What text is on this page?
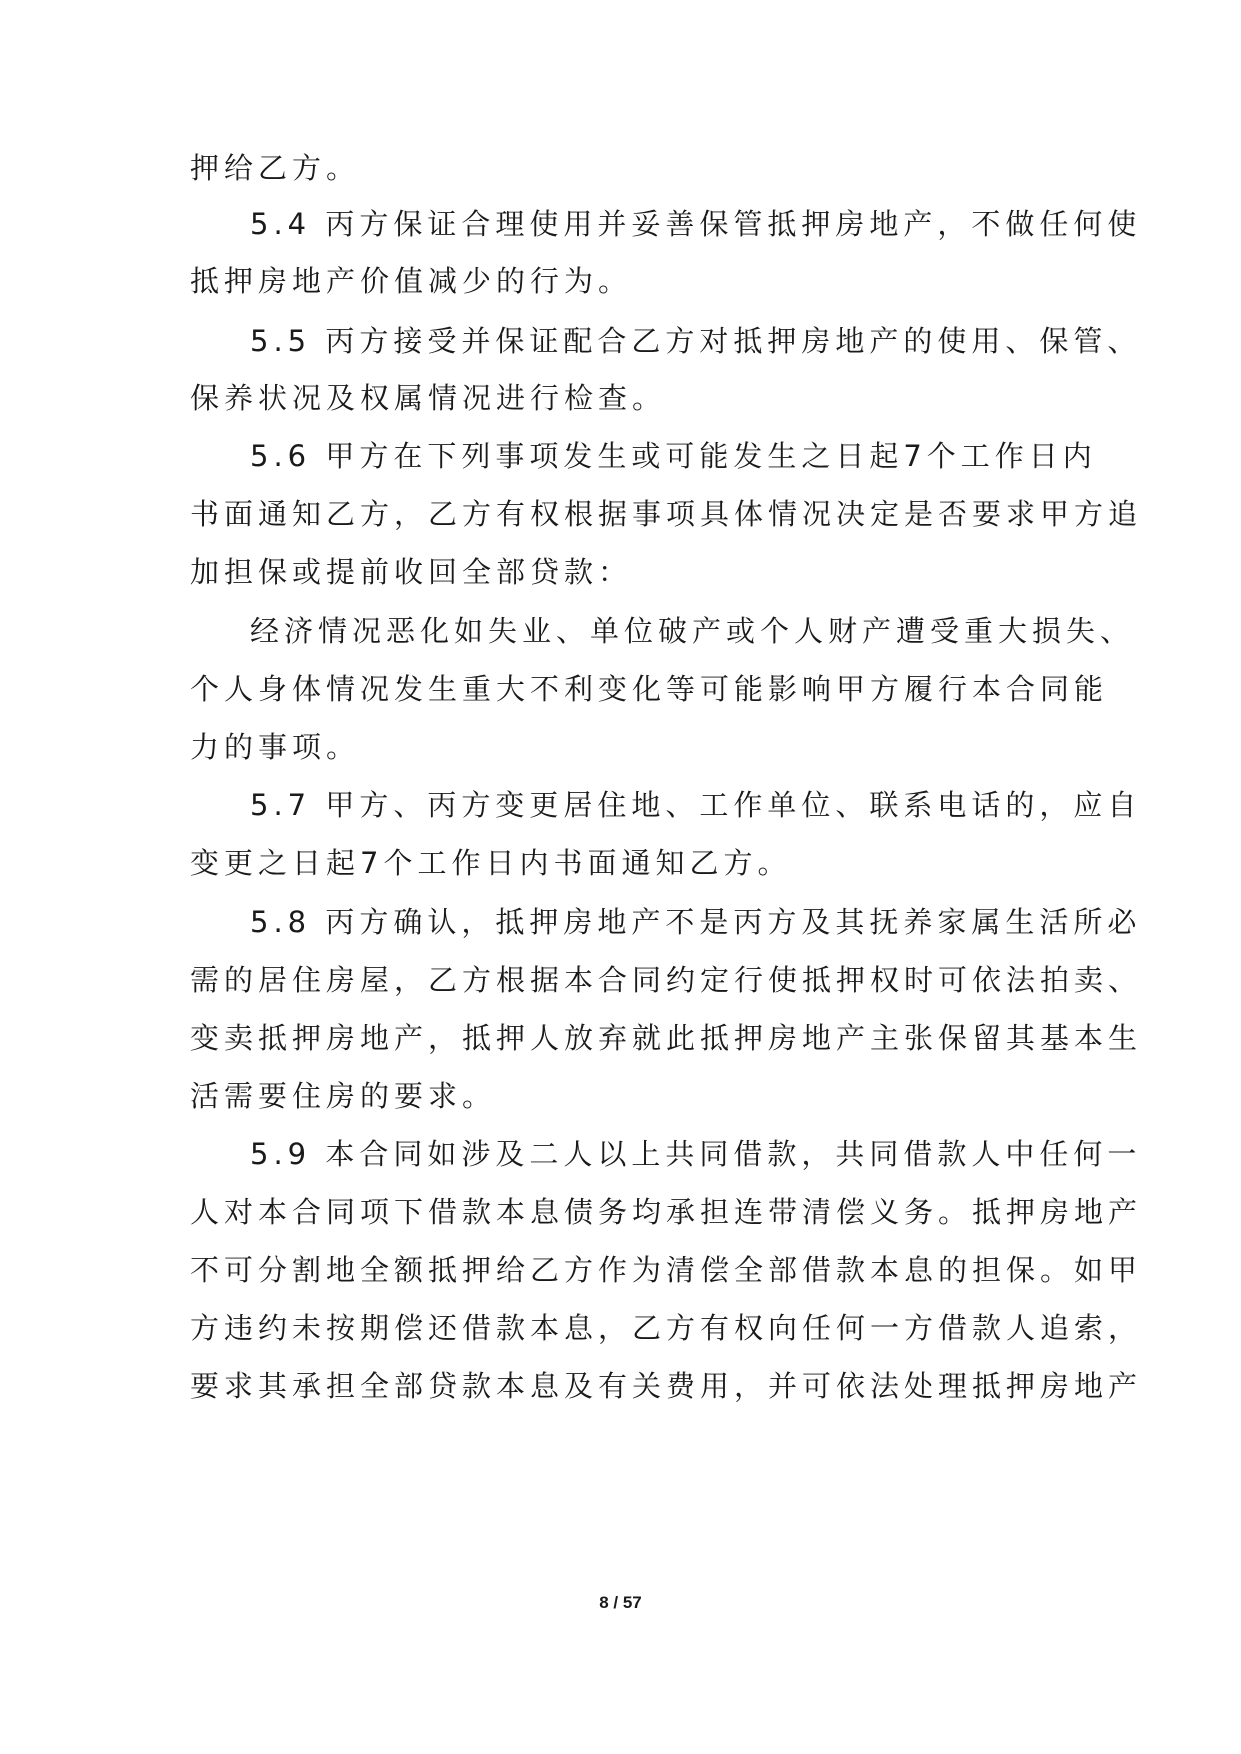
押给乙方。
5.4 丙方保证合理使用并妥善保管抵押房地产，不做任何使
抵押房地产价值减少的行为。
5.5 丙方接受并保证配合乙方对抵押房地产的使用、保管、
保养状况及权属情况进行检查。
5.6 甲方在下列事项发生或可能发生之日起7个工作日内
书面通知乙方，乙方有权根据事项具体情况决定是否要求甲方追
加担保或提前收回全部贷款：
经济情况恶化如失业、单位破产或个人财产遭受重大损失、
个人身体情况发生重大不利变化等可能影响甲方履行本合同能
力的事项。
5.7 甲方、丙方变更居住地、工作单位、联系电话的，应自
变更之日起7个工作日内书面通知乙方。
5.8 丙方确认，抵押房地产不是丙方及其抚养家属生活所必
需的居住房屋，乙方根据本合同约定行使抵押权时可依法拍卖、
变卖抵押房地产，抵押人放弃就此抵押房地产主张保留其基本生
活需要住房的要求。
5.9 本合同如涉及二人以上共同借款，共同借款人中任何一
人对本合同项下借款本息债务均承担连带清偿义务。抵押房地产
不可分割地全额抵押给乙方作为清偿全部借款本息的担保。如甲
方违约未按期偿还借款本息，乙方有权向任何一方借款人追索，
要求其承担全部贷款本息及有关费用，并可依法处理抵押房地产
8 / 57
